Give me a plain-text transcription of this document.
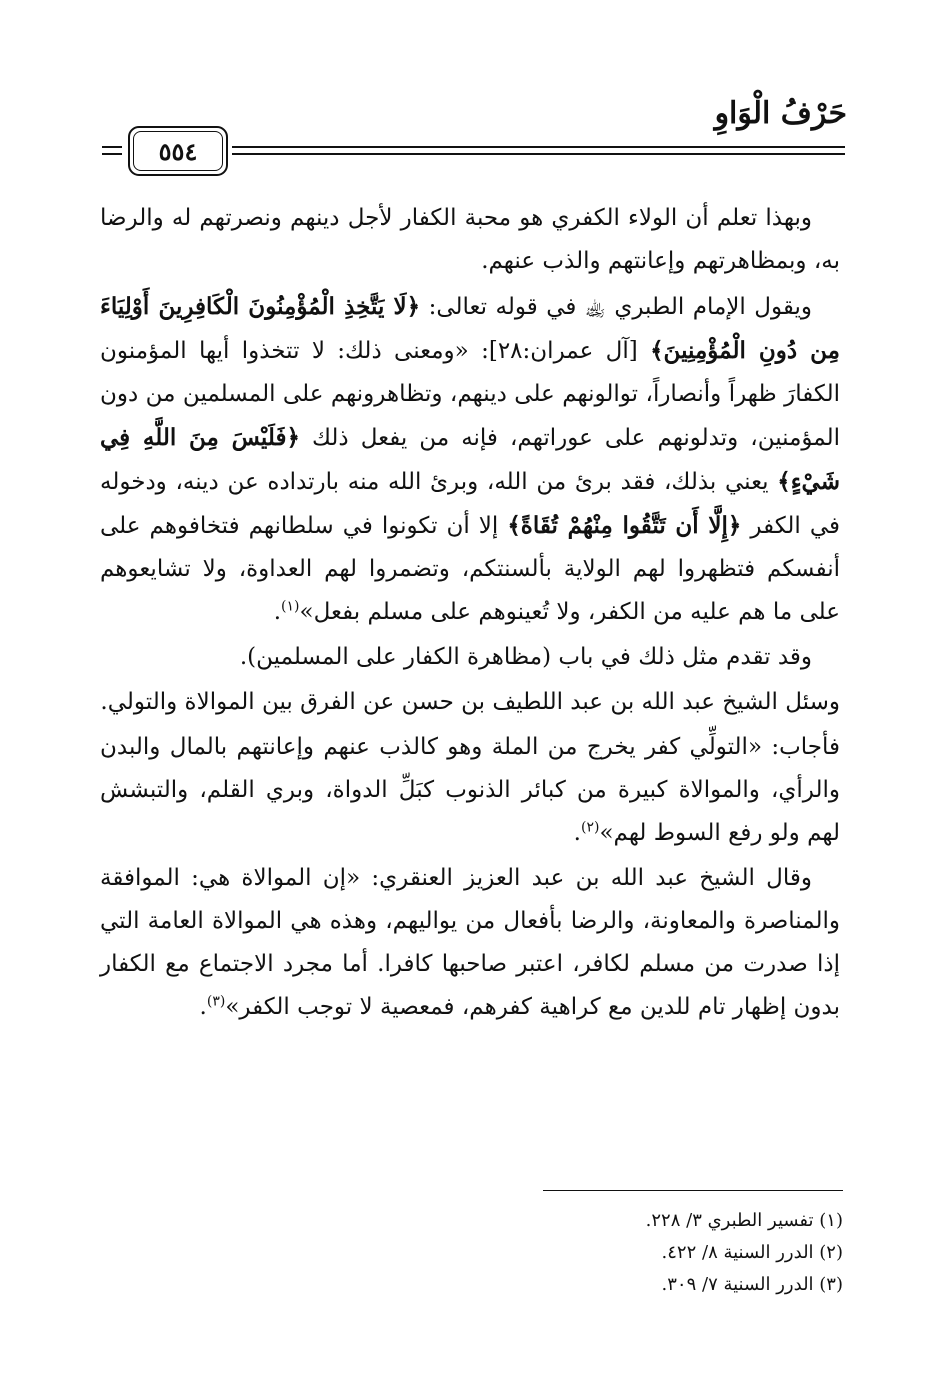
حَرْفُ الْوَاوِ
٥٥٤

وبهذا تعلم أن الولاء الكفري هو محبة الكفار لأجل دينهم ونصرتهم له والرضا به، وبمظاهرتهم وإعانتهم والذب عنهم.

ويقول الإمام الطبري ﵀ في قوله تعالى: ﴿لَا يَتَّخِذِ الْمُؤْمِنُونَ الْكَافِرِينَ أَوْلِيَاءَ مِن دُونِ الْمُؤْمِنِينَ﴾ [آل عمران:٢٨]: «ومعنى ذلك: لا تتخذوا أيها المؤمنون الكفارَ ظهراً وأنصاراً، توالونهم على دينهم، وتظاهرونهم على المسلمين من دون المؤمنين، وتدلونهم على عوراتهم، فإنه من يفعل ذلك ﴿فَلَيْسَ مِنَ اللَّهِ فِي شَيْءٍ﴾ يعني بذلك، فقد برئ من الله، وبرئ الله منه بارتداده عن دينه، ودخوله في الكفر ﴿إِلَّا أَن تَتَّقُوا مِنْهُمْ تُقَاةً﴾ إلا أن تكونوا في سلطانهم فتخافوهم على أنفسكم فتظهروا لهم الولاية بألسنتكم، وتضمروا لهم العداوة، ولا تشايعوهم على ما هم عليه من الكفر، ولا تُعينوهم على مسلم بفعل»$^{(١)}$.

وقد تقدم مثل ذلك في باب (مظاهرة الكفار على المسلمين).

وسئل الشيخ عبد الله بن عبد اللطيف بن حسن عن الفرق بين الموالاة والتولي.

فأجاب: «التولِّي كفر يخرج من الملة وهو كالذب عنهم وإعانتهم بالمال والبدن والرأي، والموالاة كبيرة من كبائر الذنوب كبَلِّ الدواة، وبري القلم، والتبشش لهم ولو رفع السوط لهم»$^{(٢)}$.

وقال الشيخ عبد الله بن عبد العزيز العنقري: «إن الموالاة هي: الموافقة والمناصرة والمعاونة، والرضا بأفعال من يواليهم، وهذه هي الموالاة العامة التي إذا صدرت من مسلم لكافر، اعتبر صاحبها كافرا. أما مجرد الاجتماع مع الكفار بدون إظهار تام للدين مع كراهية كفرهم، فمعصية لا توجب الكفر»$^{(٣)}$.

(١) تفسير الطبري ٣/ ٢٢٨.
(٢) الدرر السنية ٨/ ٤٢٢.
(٣) الدرر السنية ٧/ ٣٠٩.
